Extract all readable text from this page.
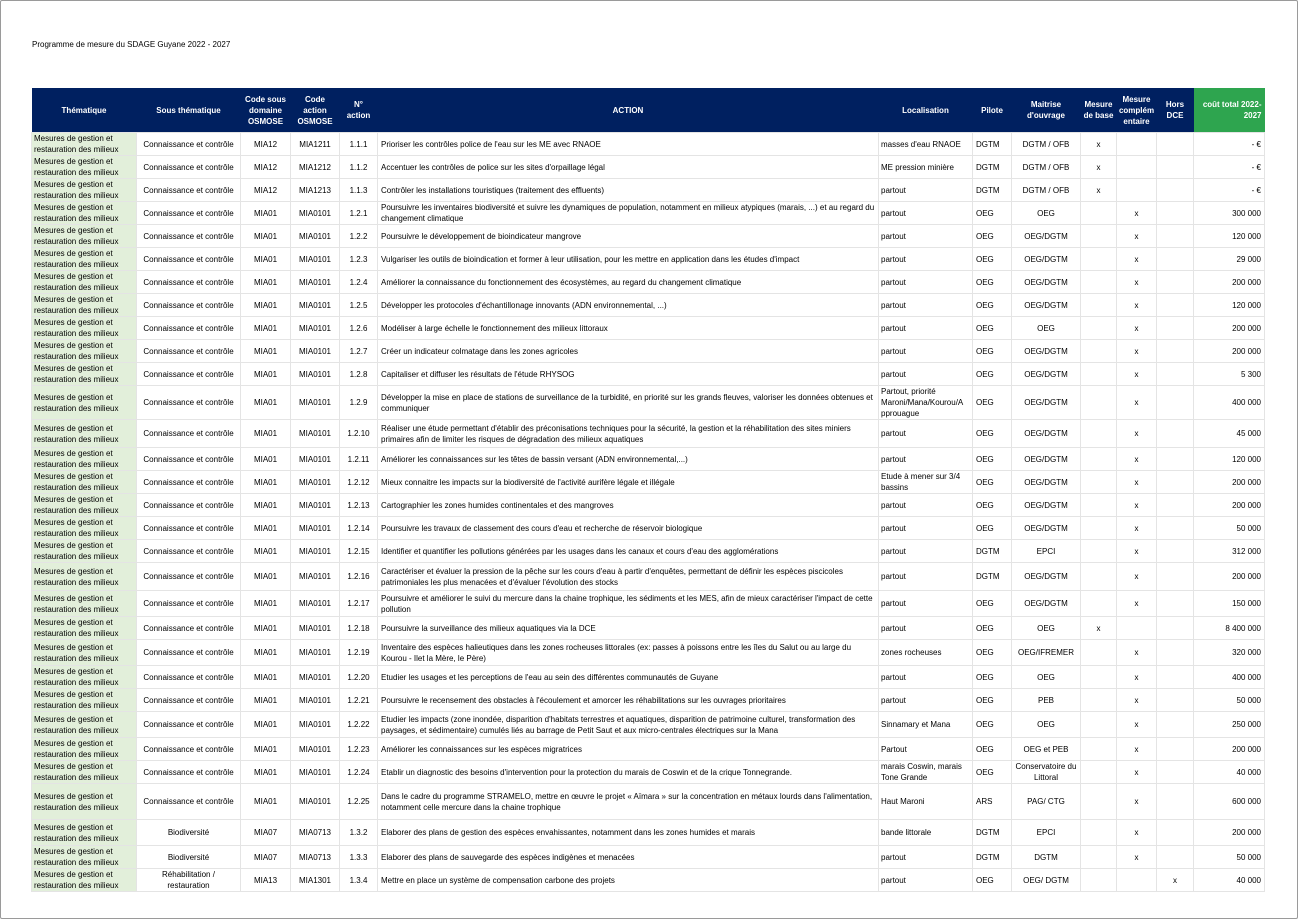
Programme de mesure du SDAGE Guyane 2022 - 2027
Thématique	Sous thématique	Code sous domaine OSMOSE	Code action OSMOSE	N° action	ACTION	Localisation	Pilote	Maitrise d'ouvrage	Mesure de base	Mesure complém entaire	Hors DCE	coût total 2022-2027
Mesures de gestion et restauration des milieux	Connaissance et contrôle	MIA12	MIA1211	1.1.1	Prioriser les contrôles police de l'eau sur les ME avec RNAOE	masses d'eau RNAOE	DGTM	DGTM / OFB	x			- €
Mesures de gestion et restauration des milieux	Connaissance et contrôle	MIA12	MIA1212	1.1.2	Accentuer les contrôles de police sur les sites d'orpaillage légal	ME pression minière	DGTM	DGTM / OFB	x			- €
Mesures de gestion et restauration des milieux	Connaissance et contrôle	MIA12	MIA1213	1.1.3	Contrôler les installations touristiques (traitement des effluents)	partout	DGTM	DGTM / OFB	x			- €
Mesures de gestion et restauration des milieux	Connaissance et contrôle	MIA01	MIA0101	1.2.1	Poursuivre les inventaires biodiversité et suivre les dynamiques de population, notamment en milieux atypiques (marais, ...) et au regard du changement climatique	partout	OEG	OEG		x		300 000
Mesures de gestion et restauration des milieux	Connaissance et contrôle	MIA01	MIA0101	1.2.2	Poursuivre le développement de bioindicateur mangrove	partout	OEG	OEG/DGTM		x		120 000
Mesures de gestion et restauration des milieux	Connaissance et contrôle	MIA01	MIA0101	1.2.3	Vulgariser les outils de bioindication et former à leur utilisation, pour les mettre en application dans les études d'impact	partout	OEG	OEG/DGTM		x		29 000
Mesures de gestion et restauration des milieux	Connaissance et contrôle	MIA01	MIA0101	1.2.4	Améliorer la connaissance du fonctionnement des écosystèmes, au regard du changement climatique	partout	OEG	OEG/DGTM		x		200 000
Mesures de gestion et restauration des milieux	Connaissance et contrôle	MIA01	MIA0101	1.2.5	Développer les protocoles d'échantillonage innovants (ADN environnemental, ...)	partout	OEG	OEG/DGTM		x		120 000
Mesures de gestion et restauration des milieux	Connaissance et contrôle	MIA01	MIA0101	1.2.6	Modéliser à large échelle le fonctionnement des milieux littoraux	partout	OEG	OEG		x		200 000
Mesures de gestion et restauration des milieux	Connaissance et contrôle	MIA01	MIA0101	1.2.7	Créer un indicateur colmatage dans les zones agricoles	partout	OEG	OEG/DGTM		x		200 000
Mesures de gestion et restauration des milieux	Connaissance et contrôle	MIA01	MIA0101	1.2.8	Capitaliser et diffuser les résultats de l'étude RHYSOG	partout	OEG	OEG/DGTM		x		5 300
Mesures de gestion et restauration des milieux	Connaissance et contrôle	MIA01	MIA0101	1.2.9	Développer la mise en place de stations de surveillance de la turbidité, en priorité sur les grands fleuves, valoriser les données obtenues et communiquer	Partout, priorité Maroni/Mana/Kourou/A pprouague	OEG	OEG/DGTM		x		400 000
Mesures de gestion et restauration des milieux	Connaissance et contrôle	MIA01	MIA0101	1.2.10	Réaliser une étude permettant d'établir des préconisations techniques pour la sécurité, la gestion et la réhabilitation des sites miniers primaires afin de limiter les risques de dégradation des milieux aquatiques	partout	OEG	OEG/DGTM		x		45 000
Mesures de gestion et restauration des milieux	Connaissance et contrôle	MIA01	MIA0101	1.2.11	Améliorer les connaissances sur les têtes de bassin versant (ADN environnemental,...)	partout	OEG	OEG/DGTM		x		120 000
Mesures de gestion et restauration des milieux	Connaissance et contrôle	MIA01	MIA0101	1.2.12	Mieux connaitre les impacts sur la biodiversité de l'activité aurifère légale et illégale	Etude à mener sur 3/4 bassins	OEG	OEG/DGTM		x		200 000
Mesures de gestion et restauration des milieux	Connaissance et contrôle	MIA01	MIA0101	1.2.13	Cartographier les zones humides continentales et des mangroves	partout	OEG	OEG/DGTM		x		200 000
Mesures de gestion et restauration des milieux	Connaissance et contrôle	MIA01	MIA0101	1.2.14	Poursuivre les travaux de classement des cours d'eau et recherche de réservoir biologique	partout	OEG	OEG/DGTM		x		50 000
Mesures de gestion et restauration des milieux	Connaissance et contrôle	MIA01	MIA0101	1.2.15	Identifier et quantifier les pollutions générées par les usages dans les canaux et cours d'eau des agglomérations	partout	DGTM	EPCI		x		312 000
Mesures de gestion et restauration des milieux	Connaissance et contrôle	MIA01	MIA0101	1.2.16	Caractériser et évaluer la pression de la pêche sur les cours d'eau à partir d'enquêtes, permettant de définir les espèces piscicoles patrimoniales les plus menacées et d'évaluer l'évolution des stocks	partout	DGTM	OEG/DGTM		x		200 000
Mesures de gestion et restauration des milieux	Connaissance et contrôle	MIA01	MIA0101	1.2.17	Poursuivre et améliorer le suivi du mercure dans la chaine trophique, les sédiments et les MES, afin de mieux caractériser l'impact de cette pollution	partout	OEG	OEG/DGTM		x		150 000
Mesures de gestion et restauration des milieux	Connaissance et contrôle	MIA01	MIA0101	1.2.18	Poursuivre la surveillance des milieux aquatiques via la DCE	partout	OEG	OEG	x			8 400 000
Mesures de gestion et restauration des milieux	Connaissance et contrôle	MIA01	MIA0101	1.2.19	Inventaire des espèces halieutiques dans les zones rocheuses littorales (ex: passes à poissons entre les îles du Salut ou au large du Kourou - Ilet la Mère, le Père)	zones rocheuses	OEG	OEG/IFREMER		x		320 000
Mesures de gestion et restauration des milieux	Connaissance et contrôle	MIA01	MIA0101	1.2.20	Etudier les usages et les perceptions de l'eau au sein des différentes communautés de Guyane	partout	OEG	OEG		x		400 000
Mesures de gestion et restauration des milieux	Connaissance et contrôle	MIA01	MIA0101	1.2.21	Poursuivre le recensement des obstacles à l'écoulement et amorcer les réhabilitations sur les ouvrages prioritaires	partout	OEG	PEB		x		50 000
Mesures de gestion et restauration des milieux	Connaissance et contrôle	MIA01	MIA0101	1.2.22	Etudier les impacts (zone inondée, disparition d'habitats terrestres et aquatiques, disparition de patrimoine culturel, transformation des paysages, et sédimentaire) cumulés liés au barrage de Petit Saut et aux micro-centrales électriques sur la Mana	Sinnamary et Mana	OEG	OEG		x		250 000
Mesures de gestion et restauration des milieux	Connaissance et contrôle	MIA01	MIA0101	1.2.23	Améliorer les connaissances sur les espèces migratrices	Partout	OEG	OEG et PEB		x		200 000
Mesures de gestion et restauration des milieux	Connaissance et contrôle	MIA01	MIA0101	1.2.24	Etablir un diagnostic des besoins d'intervention pour la protection du marais de Coswin et de la crique Tonnegrande.	marais Coswin, marais Tone Grande	OEG	Conservatoire du Littoral		x		40 000
Mesures de gestion et restauration des milieux	Connaissance et contrôle	MIA01	MIA0101	1.2.25	Dans le cadre du programme STRAMELO, mettre en œuvre le projet « Aïmara » sur la concentration en métaux lourds dans l'alimentation, notamment celle mercure dans la chaine trophique	Haut Maroni	ARS	PAG/ CTG		x		600 000
Mesures de gestion et restauration des milieux	Biodiversité	MIA07	MIA0713	1.3.2	Elaborer des plans de gestion des espèces envahissantes, notamment dans les zones humides et marais	bande littorale	DGTM	EPCI		x		200 000
Mesures de gestion et restauration des milieux	Biodiversité	MIA07	MIA0713	1.3.3	Elaborer des plans de sauvegarde des espèces indigènes et menacées	partout	DGTM	DGTM		x		50 000
Mesures de gestion et restauration des milieux	Réhabilitation / restauration	MIA13	MIA1301	1.3.4	Mettre en place un système de compensation carbone des projets	partout	OEG	OEG/ DGTM			x	40 000
